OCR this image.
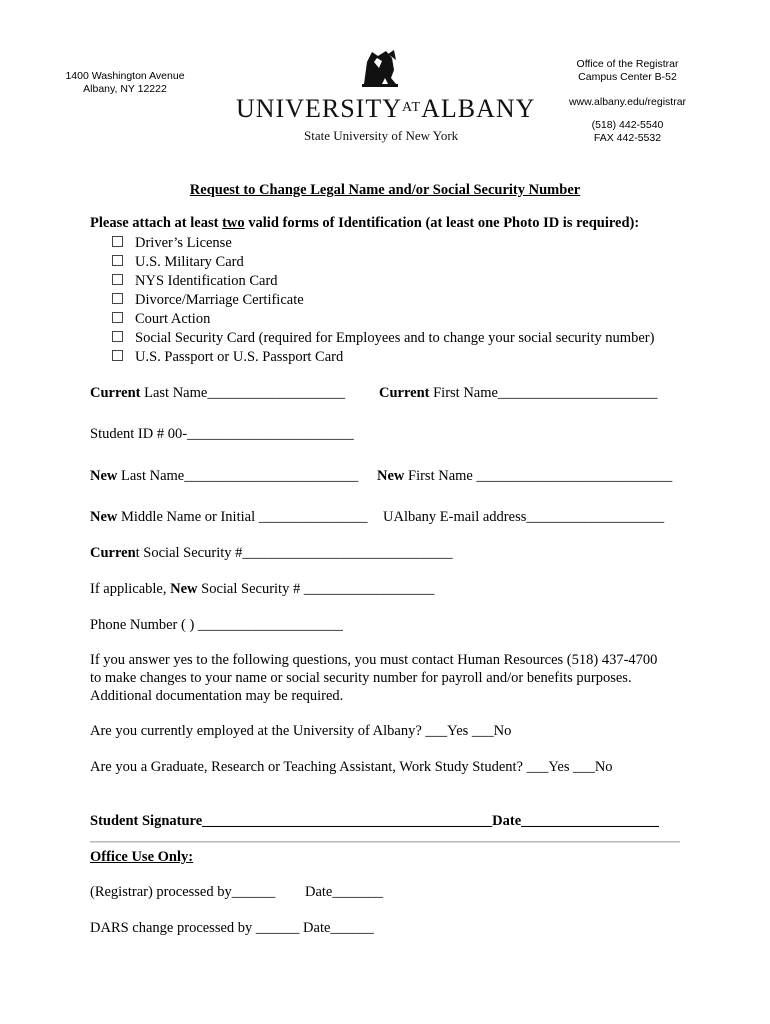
1400 Washington Avenue
Albany, NY 12222
Office of the Registrar
Campus Center B-52
www.albany.edu/registrar
(518) 442-5540
FAX 442-5532
$UNIVERSITY^{AT}ALBANY$
State University of New York
Request to Change Legal Name and/or Social Security Number
Please attach at least two valid forms of Identification (at least one Photo ID is required):
Driver’s License
U.S. Military Card
NYS Identification Card
Divorce/Marriage Certificate
Court Action
Social Security Card (required for Employees and to change your social security number)
U.S. Passport or U.S. Passport Card
Current Last Name___________________ Current First Name______________________
Student ID # 00-_______________________
New Last Name________________________ New First Name ___________________________
New Middle Name or Initial _______________ UAlbany E-mail address___________________
Current Social Security #_____________________________
If applicable, New Social Security # __________________
Phone Number ( ) ____________________

If you answer yes to the following questions, you must contact Human Resources (518) 437-4700 to make changes to your name or social security number for payroll and/or benefits purposes. Additional documentation may be required.

Are you currently employed at the University of Albany? ___Yes ___No
Are you a Graduate, Research or Teaching Assistant, Work Study Student? ___Yes ___No
Student Signature________________________________________Date___________________
Office Use Only:
(Registrar) processed by______ Date_______
DARS change processed by ______ Date______
